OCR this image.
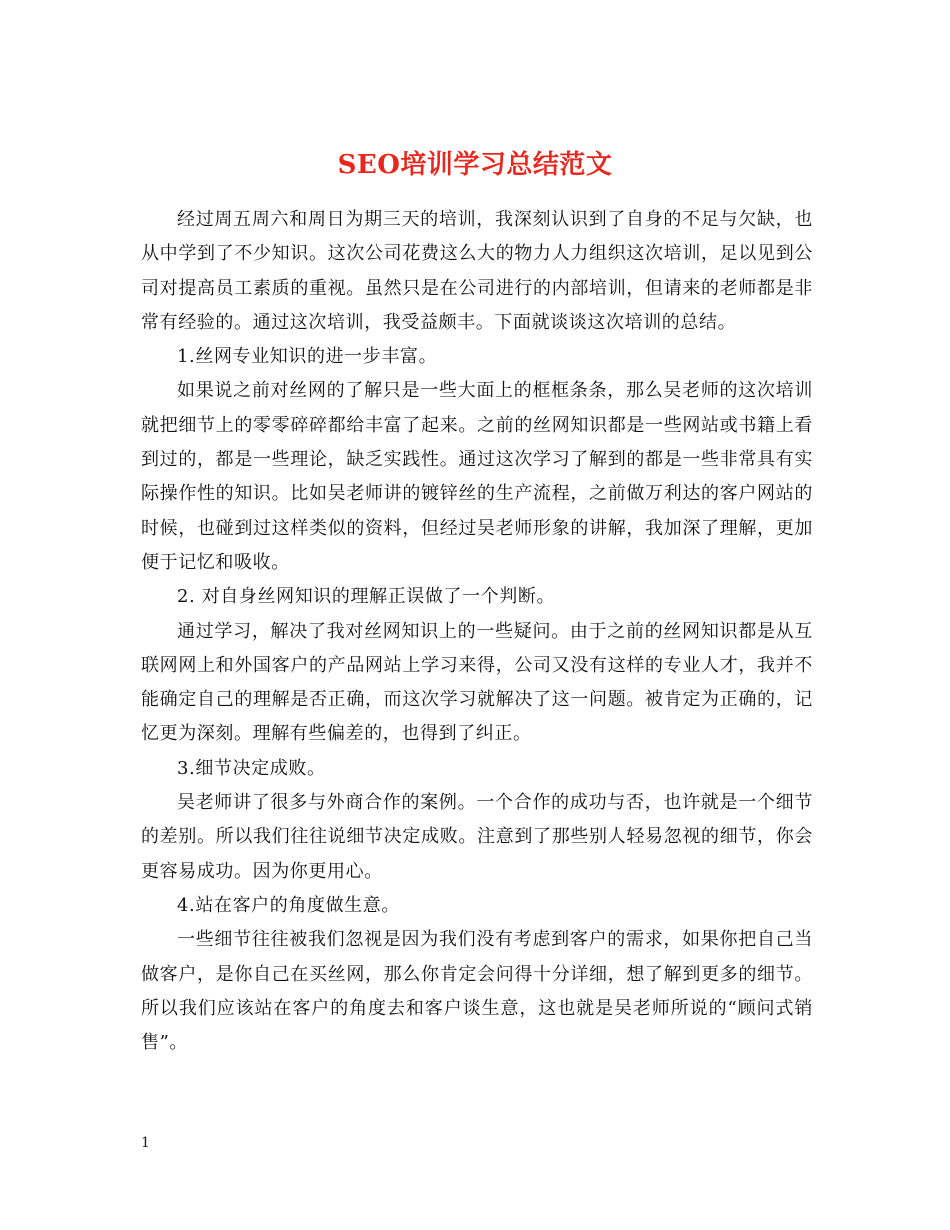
SEO培训学习总结范文

经过周五周六和周日为期三天的培训，我深刻认识到了自身的不足与欠缺，也从中学到了不少知识。这次公司花费这么大的物力人力组织这次培训，足以见到公司对提高员工素质的重视。虽然只是在公司进行的内部培训，但请来的老师都是非常有经验的。通过这次培训，我受益颇丰。下面就谈谈这次培训的总结。

1.丝网专业知识的进一步丰富。

如果说之前对丝网的了解只是一些大面上的框框条条，那么吴老师的这次培训就把细节上的零零碎碎都给丰富了起来。之前的丝网知识都是一些网站或书籍上看到过的，都是一些理论，缺乏实践性。通过这次学习了解到的都是一些非常具有实际操作性的知识。比如吴老师讲的镀锌丝的生产流程，之前做万利达的客户网站的时候，也碰到过这样类似的资料，但经过吴老师形象的讲解，我加深了理解，更加便于记忆和吸收。

2. 对自身丝网知识的理解正误做了一个判断。

通过学习，解决了我对丝网知识上的一些疑问。由于之前的丝网知识都是从互联网网上和外国客户的产品网站上学习来得，公司又没有这样的专业人才，我并不能确定自己的理解是否正确，而这次学习就解决了这一问题。被肯定为正确的，记忆更为深刻。理解有些偏差的，也得到了纠正。

3.细节决定成败。

吴老师讲了很多与外商合作的案例。一个合作的成功与否，也许就是一个细节的差别。所以我们往往说细节决定成败。注意到了那些别人轻易忽视的细节，你会更容易成功。因为你更用心。

4.站在客户的角度做生意。

一些细节往往被我们忽视是因为我们没有考虑到客户的需求，如果你把自己当做客户，是你自己在买丝网，那么你肯定会问得十分详细，想了解到更多的细节。所以我们应该站在客户的角度去和客户谈生意，这也就是吴老师所说的“顾问式销售”。

1
